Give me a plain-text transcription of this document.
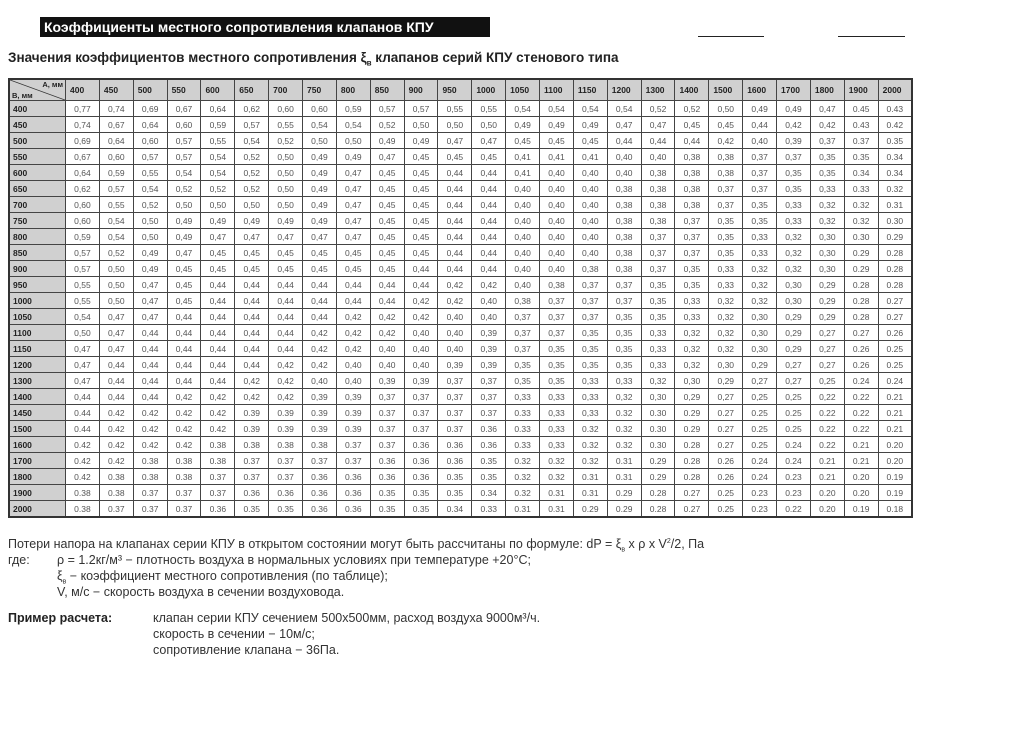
Коэффициенты местного сопротивления клапанов КПУ
Значения коэффициентов местного сопротивления $\xi_в$ клапанов серий КПУ стенового типа
А, мм
В, мм	400	450	500	550	600	650	700	750	800	850	900	950	1000	1050	1100	1150	1200	1300	1400	1500	1600	1700	1800	1900	2000
400	0,77	0,74	0,69	0,67	0,64	0,62	0,60	0,60	0,59	0,57	0,57	0,55	0,55	0,54	0,54	0,54	0,54	0,52	0,52	0,50	0,49	0,49	0,47	0.45	0.43
450	0,74	0,67	0,64	0,60	0,59	0,57	0,55	0,54	0,54	0,52	0,50	0,50	0,50	0,49	0,49	0,49	0,47	0,47	0,45	0,45	0,44	0,42	0,42	0.43	0.42
500	0,69	0,64	0,60	0,57	0,55	0,54	0,52	0,50	0,50	0,49	0,49	0,47	0,47	0,45	0,45	0,45	0,44	0,44	0,44	0,42	0,40	0,39	0,37	0.37	0.35
550	0,67	0,60	0,57	0,57	0,54	0,52	0,50	0,49	0,49	0,47	0,45	0,45	0,45	0,41	0,41	0,41	0,40	0,40	0,38	0,38	0,37	0,37	0,35	0.35	0.34
600	0,64	0,59	0,55	0,54	0,54	0,52	0,50	0,49	0,47	0,45	0,45	0,44	0,44	0,41	0,40	0,40	0,40	0,38	0,38	0,38	0,37	0,35	0,35	0.34	0.34
650	0,62	0,57	0,54	0,52	0,52	0,52	0,50	0,49	0,47	0,45	0,45	0,44	0,44	0,40	0,40	0,40	0,38	0,38	0,38	0,37	0,37	0,35	0,33	0.33	0.32
700	0,60	0,55	0,52	0,50	0,50	0,50	0,50	0,49	0,47	0,45	0,45	0,44	0,44	0,40	0,40	0,40	0,38	0,38	0,38	0,37	0,35	0,33	0,32	0.32	0.31
750	0,60	0,54	0,50	0,49	0,49	0,49	0,49	0,49	0,47	0,45	0,45	0,44	0,44	0,40	0,40	0,40	0,38	0,38	0,37	0,35	0,35	0,33	0,32	0.32	0.30
800	0,59	0,54	0,50	0,49	0,47	0,47	0,47	0,47	0,47	0,45	0,45	0,44	0,44	0,40	0,40	0,40	0,38	0,37	0,37	0,35	0,33	0,32	0,30	0.30	0.29
850	0,57	0,52	0,49	0,47	0,45	0,45	0,45	0,45	0,45	0,45	0,45	0,44	0,44	0,40	0,40	0,40	0,38	0,37	0,37	0,35	0,33	0,32	0,30	0.29	0.28
900	0,57	0,50	0,49	0,45	0,45	0,45	0,45	0,45	0,45	0,45	0,44	0,44	0,44	0,40	0,40	0,38	0,38	0,37	0,35	0,33	0,32	0,32	0,30	0.29	0.28
950	0,55	0,50	0,47	0,45	0,44	0,44	0,44	0,44	0,44	0,44	0,44	0,42	0,42	0,40	0,38	0,37	0,37	0,35	0,35	0,33	0,32	0,30	0,29	0.28	0.28
1000	0,55	0,50	0,47	0,45	0,44	0,44	0,44	0,44	0,44	0,44	0,42	0,42	0,40	0,38	0,37	0,37	0,37	0,35	0,33	0,32	0,32	0,30	0,29	0.28	0.27
1050	0,54	0,47	0,47	0,44	0,44	0,44	0,44	0,44	0,42	0,42	0,42	0,40	0,40	0,37	0,37	0,37	0,35	0,35	0,33	0,32	0,30	0,29	0,29	0.28	0.27
1100	0,50	0,47	0,44	0,44	0,44	0,44	0,44	0,42	0,42	0,42	0,40	0,40	0,39	0,37	0,37	0,35	0,35	0,33	0,32	0,32	0,30	0,29	0,27	0.27	0.26
1150	0,47	0,47	0,44	0,44	0,44	0,44	0,44	0,42	0,42	0,40	0,40	0,40	0,39	0,37	0,35	0,35	0,35	0,33	0,32	0,32	0,30	0,29	0,27	0.26	0.25
1200	0,47	0,44	0,44	0,44	0,44	0,44	0,42	0,42	0,40	0,40	0,40	0,39	0,39	0,35	0,35	0,35	0,35	0,33	0,32	0,30	0,29	0,27	0,27	0.26	0.25
1300	0,47	0,44	0,44	0,44	0,44	0,42	0,42	0,40	0,40	0,39	0,39	0,37	0,37	0,35	0,35	0,33	0,33	0,32	0,30	0,29	0,27	0,27	0,25	0.24	0.24
1400	0,44	0,44	0,44	0,42	0,42	0,42	0,42	0,39	0,39	0,37	0,37	0,37	0,37	0,33	0,33	0,33	0,32	0,30	0,29	0,27	0,25	0,25	0,22	0.22	0.21
1450	0.44	0.42	0.42	0.42	0.42	0.39	0.39	0.39	0.39	0.37	0.37	0.37	0.37	0.33	0,33	0,33	0.32	0.30	0.29	0.27	0.25	0.25	0.22	0.22	0.21
1500	0.44	0.42	0.42	0.42	0.42	0.39	0.39	0.39	0.39	0.37	0.37	0.37	0.36	0.33	0,33	0.32	0.32	0.30	0.29	0.27	0.25	0.25	0.22	0.22	0.21
1600	0.42	0.42	0.42	0.42	0.38	0.38	0.38	0.38	0.37	0.37	0.36	0.36	0.36	0.33	0,33	0.32	0.32	0.30	0.28	0.27	0.25	0.24	0.22	0.21	0.20
1700	0.42	0.42	0.38	0.38	0.38	0.37	0.37	0.37	0.37	0.36	0.36	0.36	0.35	0.32	0.32	0.32	0.31	0.29	0.28	0.26	0.24	0.24	0.21	0.21	0.20
1800	0.42	0.38	0.38	0.38	0.37	0.37	0.37	0.36	0.36	0.36	0.36	0.35	0.35	0.32	0.32	0.31	0.31	0.29	0.28	0.26	0.24	0.23	0.21	0.20	0.19
1900	0.38	0.38	0.37	0.37	0.37	0.36	0.36	0.36	0.36	0.35	0.35	0.35	0.34	0.32	0.31	0.31	0.29	0.28	0.27	0.25	0.23	0.23	0.20	0.20	0.19
2000	0.38	0.37	0.37	0.37	0.36	0.35	0.35	0.36	0.36	0.35	0.35	0.34	0.33	0.31	0.31	0.29	0.29	0.28	0.27	0.25	0.23	0.22	0.20	0.19	0.18
Потери напора на клапанах серии КПУ в открытом состоянии могут быть рассчитаны по формуле: dP = $\xi_в$ x ρ x $V^2/2$, Па
где:	ρ = 1.2кг/м³ − плотность воздуха в нормальных условиях при температуре +20°С;
$\xi_в$ − коэффициент местного сопротивления (по таблице);
V, м/с − скорость воздуха в сечении воздуховода.
Пример расчета:	клапан серии КПУ сечением 500х500мм, расход воздуха 9000м³/ч.
скорость в сечении − 10м/с;
сопротивление клапана − 36Па.
